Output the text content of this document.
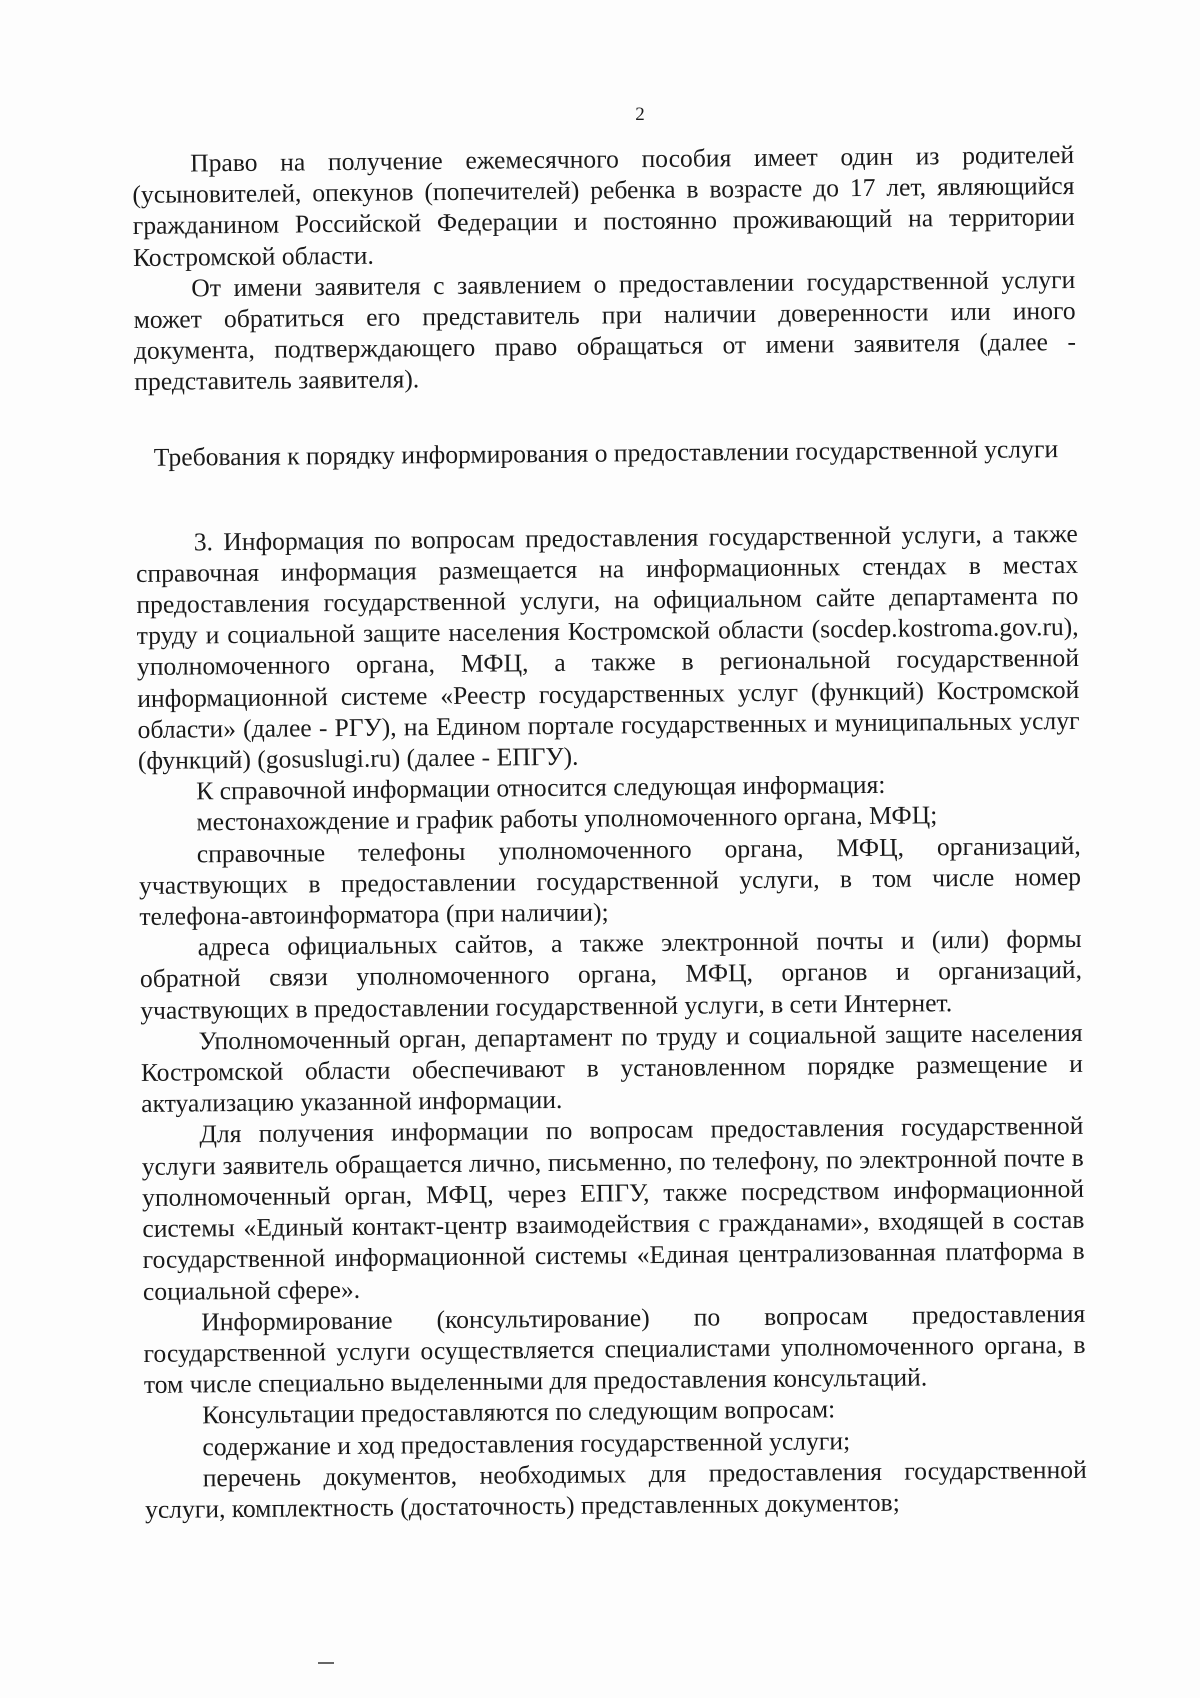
2

Право на получение ежемесячного пособия имеет один из родителей (усыновителей, опекунов (попечителей) ребенка в возрасте до 17 лет, являющийся гражданином Российской Федерации и постоянно проживающий на территории Костромской области.

От имени заявителя с заявлением о предоставлении государственной услуги может обратиться его представитель при наличии доверенности или иного документа, подтверждающего право обращаться от имени заявителя (далее - представитель заявителя).

Требования к порядку информирования о предоставлении государственной услуги

3. Информация по вопросам предоставления государственной услуги, а также справочная информация размещается на информационных стендах в местах предоставления государственной услуги, на официальном сайте департамента по труду и социальной защите населения Костромской области (socdep.kostroma.gov.ru), уполномоченного органа, МФЦ, а также в региональной государственной информационной системе «Реестр государственных услуг (функций) Костромской области» (далее - РГУ), на Едином портале государственных и муниципальных услуг (функций) (gosuslugi.ru) (далее - ЕПГУ).

К справочной информации относится следующая информация:

местонахождение и график работы уполномоченного органа, МФЦ;

справочные телефоны уполномоченного органа, МФЦ, организаций, участвующих в предоставлении государственной услуги, в том числе номер телефона-автоинформатора (при наличии);

адреса официальных сайтов, а также электронной почты и (или) формы обратной связи уполномоченного органа, МФЦ, органов и организаций, участвующих в предоставлении государственной услуги, в сети Интернет.

Уполномоченный орган, департамент по труду и социальной защите населения Костромской области обеспечивают в установленном порядке размещение и актуализацию указанной информации.

Для получения информации по вопросам предоставления государственной услуги заявитель обращается лично, письменно, по телефону, по электронной почте в уполномоченный орган, МФЦ, через ЕПГУ, также посредством информационной системы «Единый контакт-центр взаимодействия с гражданами», входящей в состав государственной информационной системы «Единая централизованная платформа в социальной сфере».

Информирование (консультирование) по вопросам предоставления государственной услуги осуществляется специалистами уполномоченного органа, в том числе специально выделенными для предоставления консультаций.

Консультации предоставляются по следующим вопросам:

содержание и ход предоставления государственной услуги;

перечень документов, необходимых для предоставления государственной услуги, комплектность (достаточность) представленных документов;
